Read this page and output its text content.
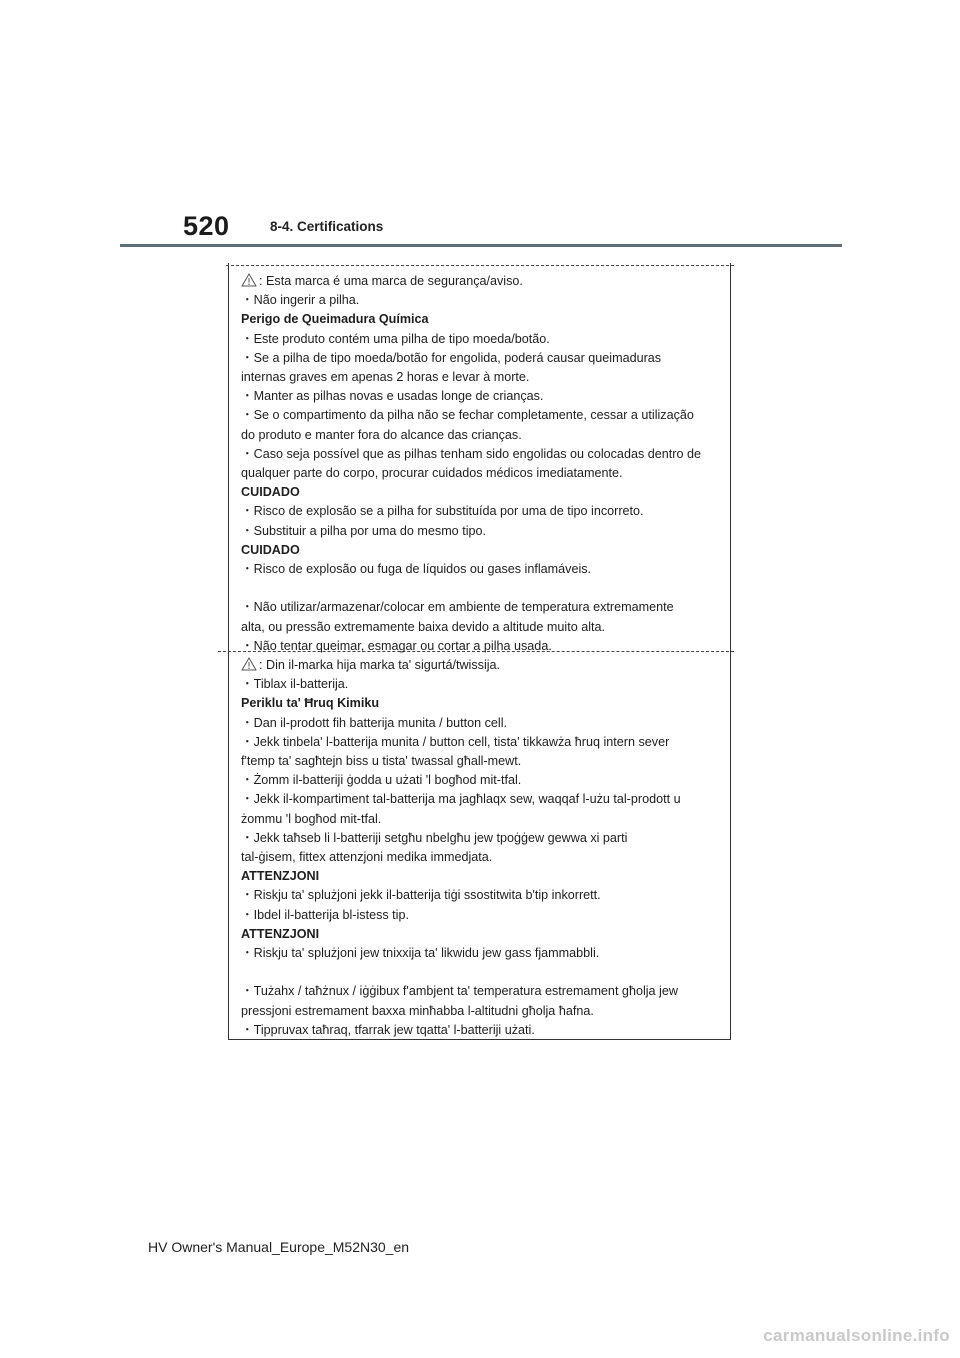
520	8-4. Certifications
: Esta marca é uma marca de segurança/aviso.
・Não ingerir a pilha.
Perigo de Queimadura Química
・Este produto contém uma pilha de tipo moeda/botão.
・Se a pilha de tipo moeda/botão for engolida, poderá causar queimaduras
internas graves em apenas 2 horas e levar à morte.
・Manter as pilhas novas e usadas longe de crianças.
・Se o compartimento da pilha não se fechar completamente, cessar a utilização
do produto e manter fora do alcance das crianças.
・Caso seja possível que as pilhas tenham sido engolidas ou colocadas dentro de
qualquer parte do corpo, procurar cuidados médicos imediatamente.
CUIDADO
・Risco de explosão se a pilha for substituída por uma de tipo incorreto.
・Substituir a pilha por uma do mesmo tipo.
CUIDADO
・Risco de explosão ou fuga de líquidos ou gases inflamáveis.
・Não utilizar/armazenar/colocar em ambiente de temperatura extremamente
alta, ou pressão extremamente baixa devido a altitude muito alta.
・Não tentar queimar, esmagar ou cortar a pilha usada.
: Din il-marka hija marka ta' sigurtá/twissija.
・Tiblax il-batterija.
Periklu ta' Ħruq Kimiku
・Dan il-prodott fih batterija munita / button cell.
・Jekk tinbela' l-batterija munita / button cell, tista' tikkawża ħruq intern sever
f'temp ta' sagħtejn biss u tista' twassal għall-mewt.
・Żomm il-batteriji ġodda u użati 'l bogħod mit-tfal.
・Jekk il-kompartiment tal-batterija ma jagħlaqx sew, waqqaf l-użu tal-prodott u
żommu 'l bogħod mit-tfal.
・Jekk taħseb li l-batteriji setgħu nbelgħu jew tpoġġew gewwa xi parti
tal-ġisem, fittex attenzjoni medika immedjata.
ATTENZJONI
・Riskju ta' splużjoni jekk il-batterija tiġi ssostitwita b'tip inkorrett.
・Ibdel il-batterija bl-istess tip.
ATTENZJONI
・Riskju ta' splużjoni jew tnixxija ta' likwidu jew gass fjammabbli.
・Tużahx / taħżnux / iġġibux f'ambjent ta' temperatura estremament għolja jew
pressjoni estremament baxxa minħabba l-altitudni għolja ħafna.
・Tippruvax taħraq, tfarrak jew tqatta' l-batteriji użati.
HV Owner's Manual_Europe_M52N30_en
carmanualsonline.info
